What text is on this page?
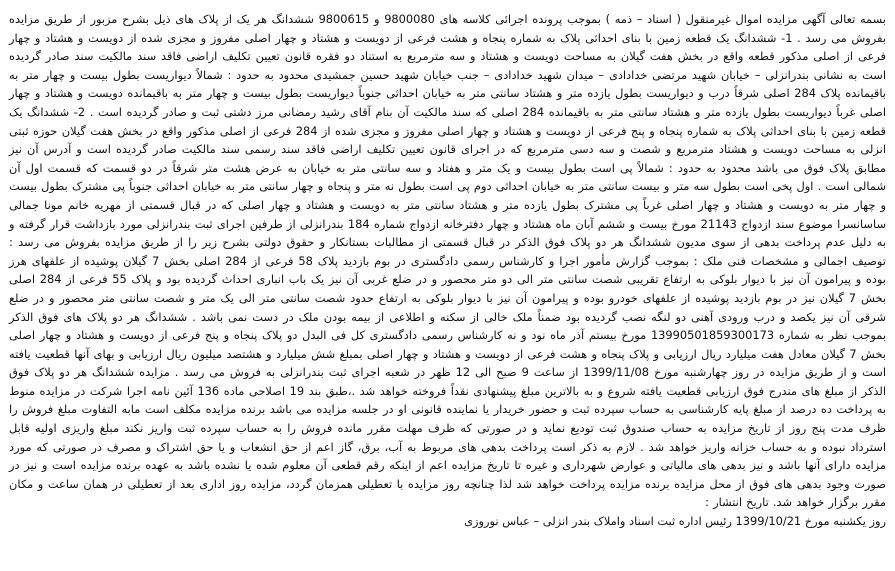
بسمه تعالی آگهی مزایده اموال غیرمنقول ( اسناد – ذمه ) بموجب پرونده اجرائی کلاسه های 9800080 و 9800615 ششدانگ هر یک از پلاک های ذیل بشرح مزبور از طریق مزایده بفروش می رسد . 1- ششدانگ یک قطعه زمین با بنای احداثی پلاک به شماره پنجاه و هشت فرعی از دویست و هشتاد و چهار اصلی مفروز و مجزی شده از دویست و هشتاد و چهار فرعی از اصلی مذکور قطعه واقع در بخش هفت گیلان به مساحت دویست و هشتاد و سه مترمربع به استناد دو فقره قانون تعیین تکلیف اراضی فاقد سند مالکیت سند صادر گردیده است به نشانی بندرانزلی – خیابان شهید مرتضی خدادادی – میدان شهید خدادادی – جنب خیابان شهید حسین جمشیدی محدود به حدود : شمالاً دیواریست بطول بیست و چهار متر به باقیمانده پلاک 284 اصلی شرقاً درب و دیواریست بطول یازده متر و هشتاد سانتی متر به خیابان احداثی جنوباً دیواریست بطول بیست و چهار متر به باقیمانده دویست و هشتاد و چهار اصلی غرباً دیواریست بطول یازده متر و هشتاد سانتی متر به باقیمانده 284 اصلی که سند مالکیت آن بنام آقای رشید رمضانی مرز دشتی ثبت و صادر گردیده است . 2- ششدانگ یک قطعه زمین با بنای احداثی پلاک به شماره پنجاه و پنج فرعی از دویست و هشتاد و چهار اصلی مفروز و مجزی شده از 284 فرعی از اصلی مذکور واقع در بخش هفت گیلان حوزه ثبتی انزلی به مساحت دویست و هشتاد مترمربع و شصت و سه دسی مترمربع که در اجرای قانون تعیین تکلیف اراضی فاقد سند رسمی سند مالکیت صادر گردیده است و آدرس آن نیز مطابق پلاک فوق می باشد محدود به حدود : شمالاً پی است بطول بیست و یک متر و هفتاد و سه سانتی متر به خیابان به عرض هشت متر شرقاً در دو قسمت که قسمت اول آن شمالی است . اول پخی است بطول سه متر و بیست سانتی متر به خیابان احداثی دوم پی است بطول نه متر و پنجاه و چهار سانتی متر به خیابان احداثی جنوباً پی مشترک بطول بیست و چهار متر به دویست و هشتاد و چهار اصلی غرباً پی مشترک بطول یازده متر و هشتاد سانتی متر به دویست و هشتاد و چهار اصلی که در قبال قسمتی از مهریه خانم مونا جمالی ساسانسرا موضوع سند ازدواج 21143 مورخ بیست و ششم آبان ماه هشتاد و چهار دفترخانه ازدواج شماره 184 بندرانزلی از طرفین اجرای ثبت بندرانزلی مورد بازداشت قرار گرفته و به دلیل عدم پرداخت بدهی از سوی مدیون ششدانگ هر دو پلاک فوق الذکر در قبال قسمتی از مطالبات بستانکار و حقوق دولتی بشرح زیر را از طریق مزایده بفروش می رسد : توصیف اجمالی و مشخصات فنی ملک : بموجب گزارش مأمور اجرا و کارشناس رسمی دادگستری در بوم بازدید پلاک 58 فرعی از 284 اصلی بخش 7 گیلان پوشیده از علفهای هرز بوده و پیرامون آن نیز با دیوار بلوکی به ارتفاع تقریبی شصت سانتی متر الی دو متر محصور و در ضلع غربی آن نیز یک باب انباری احداث گردیده بود و پلاک 55 فرعی از 284 اصلی بخش 7 گیلان نیز در بوم بازدید پوشیده از علفهای خودرو بوده و پیرامون آن نیز با دیوار بلوکی به ارتفاع حدود شصت سانتی متر الی یک متر و شصت سانتی متر محصور و در ضلع شرقی آن نیز یکصد و درب ورودی آهنی دو لنگه نصب گردیده بود ضمناً ملک خالی از سکنه و اطلاعی از بیمه بودن ملک در دست نمی باشد . ششدانگ هر دو پلاک های فوق الذکر بموجب نظر به شماره 13990501859300173 مورخ بیستم آذر ماه نود و نه کارشناس رسمی دادگستری کل فی البدل دو پلاک پنجاه و پنج فرعی از دویست و هشتاد و چهار اصلی بخش 7 گیلان معادل هفت میلیارد ریال ارزیابی و پلاک پنجاه و هشت فرعی از دویست و هشتاد و چهار اصلی بمبلغ شش میلیارد و هشتصد میلیون ریال ارزیابی و بهای آنها قطعیت یافته است و از طریق مزایده در روز چهارشنبه مورخ 1399/11/08 از ساعت 9 صبح الی 12 ظهر در شعبه اجرای ثبت بندرانزلی به فروش می رسد . مزایده ششدانگ هر دو پلاک فوق الذکر از مبلغ های مندرج فوق ارزیابی قطعیت یافته شروع و به بالاترین مبلغ پیشنهادی نقداً فروخته خواهد شد .،طبق بند 19 اصلاحی ماده 136 آئین نامه اجرا شرکت در مزایده منوط به پرداخت ده درصد از مبلغ پایه کارشناسی به حساب سپرده ثبت و حضور خریدار یا نماینده قانونی او در جلسه مزایده می باشد برنده مزایده مکلف است مابه التفاوت مبلغ فروش را ظرف مدت پنج روز از تاریخ مزایده به حساب صندوق ثبت تودیع نماید و در صورتی که ظرف مهلت مقرر مانده فروش را به حساب سپرده ثبت واریز نکند مبلغ واریزی اولیه قابل استرداد نبوده و به حساب خزانه واریز خواهد شد . لازم به ذکر است پرداخت بدهی های مربوط به آب، برق، گاز اعم از حق انشعاب و یا حق اشتراک و مصرف در صورتی که مورد مزایده دارای آنها باشد و نیز بدهی های مالیاتی و عوارض شهرداری و غیره تا تاریخ مزایده اعم از اینکه رقم قطعی آن معلوم شده یا نشده باشد به عهده برنده مزایده است و نیز در صورت وجود بدهی های فوق از محل مزایده برنده مزایده پرداخت خواهد شد لذا چنانچه روز مزایده با تعطیلی همزمان گردد، مزایده روز اداری بعد از تعطیلی در همان ساعت و مکان مقرر برگزار خواهد شد. تاریخ انتشار :

روز یکشنبه مورخ 1399/10/21 رئیس اداره ثبت اسناد واملاک بندر انزلی – عباس نوروزی
